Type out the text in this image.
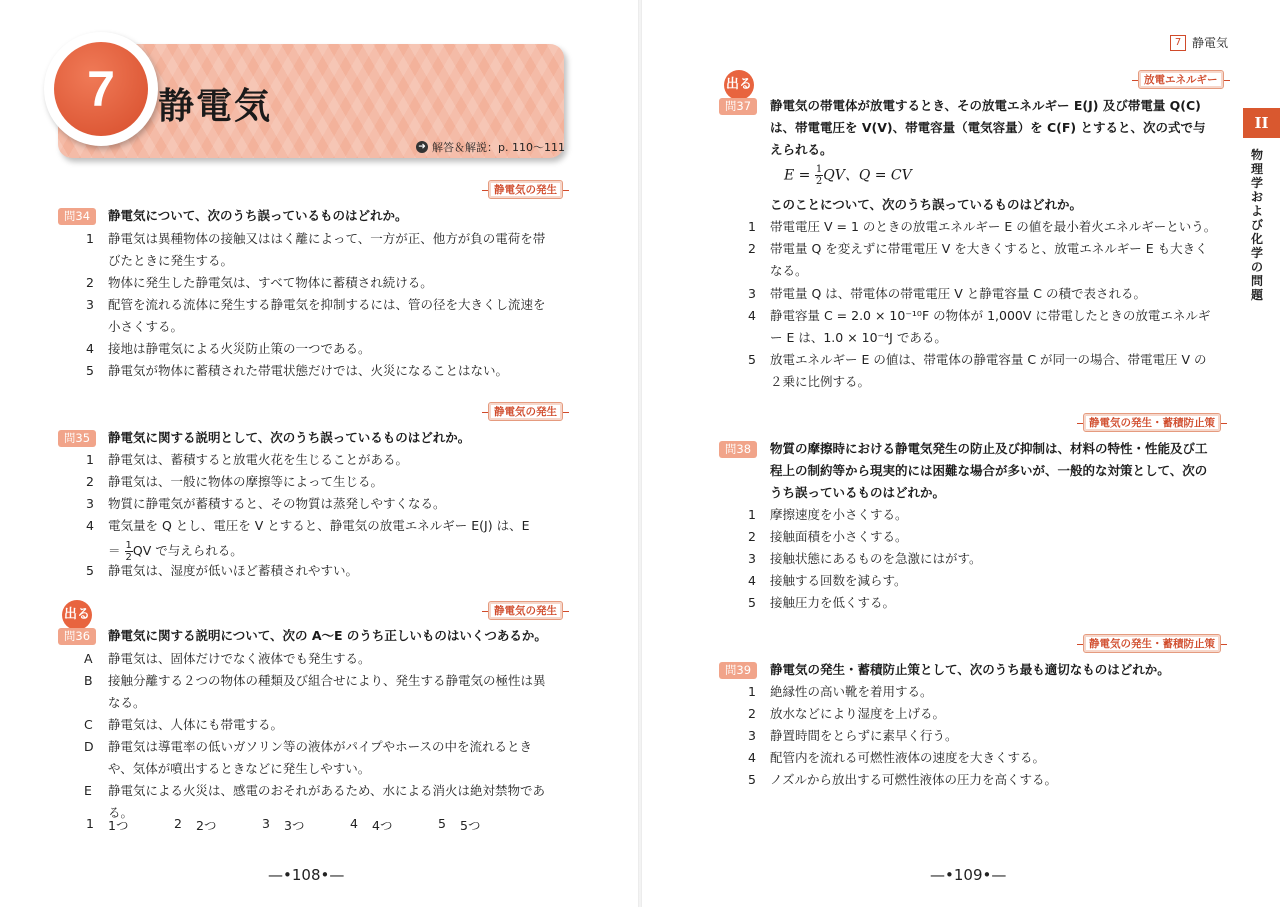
7	静電気
➜ 解答＆解説：p. 110～111
静電気の発生
問34	静電気について、次のうち誤っているものはどれか。
1	静電気は異種物体の接触又ははく離によって、一方が正、他方が負の電荷を帯
びたときに発生する。
2	物体に発生した静電気は、すべて物体に蓄積され続ける。
3	配管を流れる流体に発生する静電気を抑制するには、管の径を大きくし流速を
小さくする。
4	接地は静電気による火災防止策の一つである。
5	静電気が物体に蓄積された帯電状態だけでは、火災になることはない。
静電気の発生
問35	静電気に関する説明として、次のうち誤っているものはどれか。
1	静電気は、蓄積すると放電火花を生じることがある。
2	静電気は、一般に物体の摩擦等によって生じる。
3	物質に静電気が蓄積すると、その物質は蒸発しやすくなる。
4	電気量を Q とし、電圧を V とすると、静電気の放電エネルギー E(J) は、E
＝ $\frac{1}{2}QV$ で与えられる。
5	静電気は、湿度が低いほど蓄積されやすい。
静電気の発生
出る
問36	静電気に関する説明について、次の A～E のうち正しいものはいくつあるか。
A	静電気は、固体だけでなく液体でも発生する。
B	接触分離する２つの物体の種類及び組合せにより、発生する静電気の極性は異
なる。
C	静電気は、人体にも帯電する。
D	静電気は導電率の低いガソリン等の液体がパイプやホースの中を流れるとき
や、気体が噴出するときなどに発生しやすい。
E	静電気による火災は、感電のおそれがあるため、水による消火は絶対禁物である。
1	1つ	2	2つ	3	3つ	4	4つ	5	5つ
—•108•—
7 静電気
II
物理学および化学の問題
放電エネルギー
出る
問37	静電気の帯電体が放電するとき、その放電エネルギー E(J) 及び帯電量 Q(C)
は、帯電電圧を V(V)、帯電容量（電気容量）を C(F) とすると、次の式で与
えられる。
$E = \frac{1}{2}QV$、Q = CV
このことについて、次のうち誤っているものはどれか。
1	帯電電圧 V = 1 のときの放電エネルギー E の値を最小着火エネルギーという。
2	帯電量 Q を変えずに帯電電圧 V を大きくすると、放電エネルギー E も大きく
なる。
3	帯電量 Q は、帯電体の帯電電圧 V と静電容量 C の積で表される。
4	静電容量 C = 2.0 × 10⁻¹⁰F の物体が 1,000V に帯電したときの放電エネルギ
ー E は、1.0 × 10⁻⁴J である。
5	放電エネルギー E の値は、帯電体の静電容量 C が同一の場合、帯電電圧 V の
２乗に比例する。
静電気の発生・蓄積防止策
問38	物質の摩擦時における静電気発生の防止及び抑制は、材料の特性・性能及び工
程上の制約等から現実的には困難な場合が多いが、一般的な対策として、次の
うち誤っているものはどれか。
1	摩擦速度を小さくする。
2	接触面積を小さくする。
3	接触状態にあるものを急激にはがす。
4	接触する回数を減らす。
5	接触圧力を低くする。
静電気の発生・蓄積防止策
問39	静電気の発生・蓄積防止策として、次のうち最も適切なものはどれか。
1	絶縁性の高い靴を着用する。
2	放水などにより湿度を上げる。
3	静置時間をとらずに素早く行う。
4	配管内を流れる可燃性液体の速度を大きくする。
5	ノズルから放出する可燃性液体の圧力を高くする。
—•109•—
